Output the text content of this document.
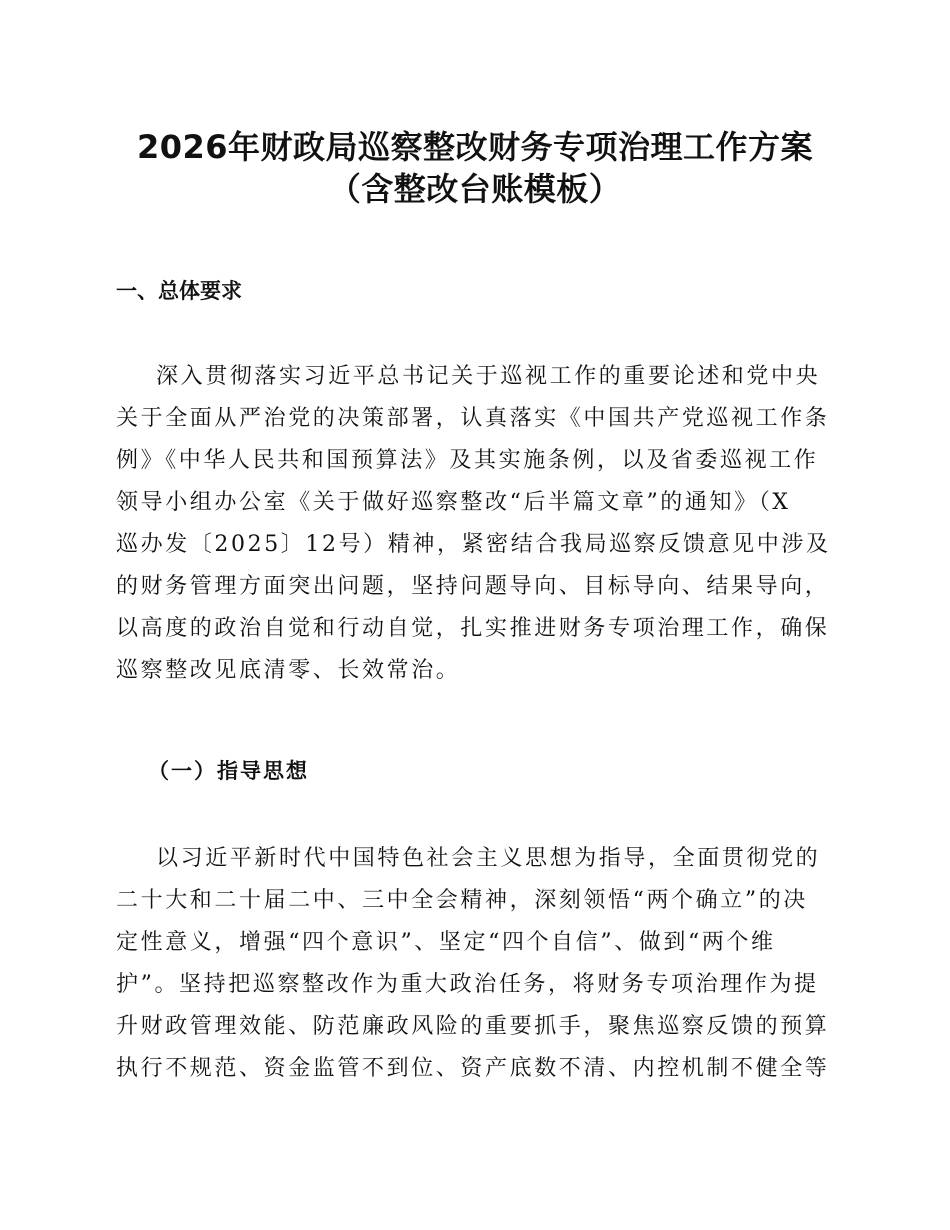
2026年财政局巡察整改财务专项治理工作方案
（含整改台账模板）
一、总体要求
深入贯彻落实习近平总书记关于巡视工作的重要论述和党中央
关于全面从严治党的决策部署，认真落实《中国共产党巡视工作条
例》《中华人民共和国预算法》及其实施条例，以及省委巡视工作
领导小组办公室《关于做好巡察整改“后半篇文章”的通知》（X
巡办发〔2025〕12号）精神，紧密结合我局巡察反馈意见中涉及
的财务管理方面突出问题，坚持问题导向、目标导向、结果导向，
以高度的政治自觉和行动自觉，扎实推进财务专项治理工作，确保
巡察整改见底清零、长效常治。
（一）指导思想
以习近平新时代中国特色社会主义思想为指导，全面贯彻党的
二十大和二十届二中、三中全会精神，深刻领悟“两个确立”的决
定性意义，增强“四个意识”、坚定“四个自信”、做到“两个维
护”。坚持把巡察整改作为重大政治任务，将财务专项治理作为提
升财政管理效能、防范廉政风险的重要抓手，聚焦巡察反馈的预算
执行不规范、资金监管不到位、资产底数不清、内控机制不健全等
